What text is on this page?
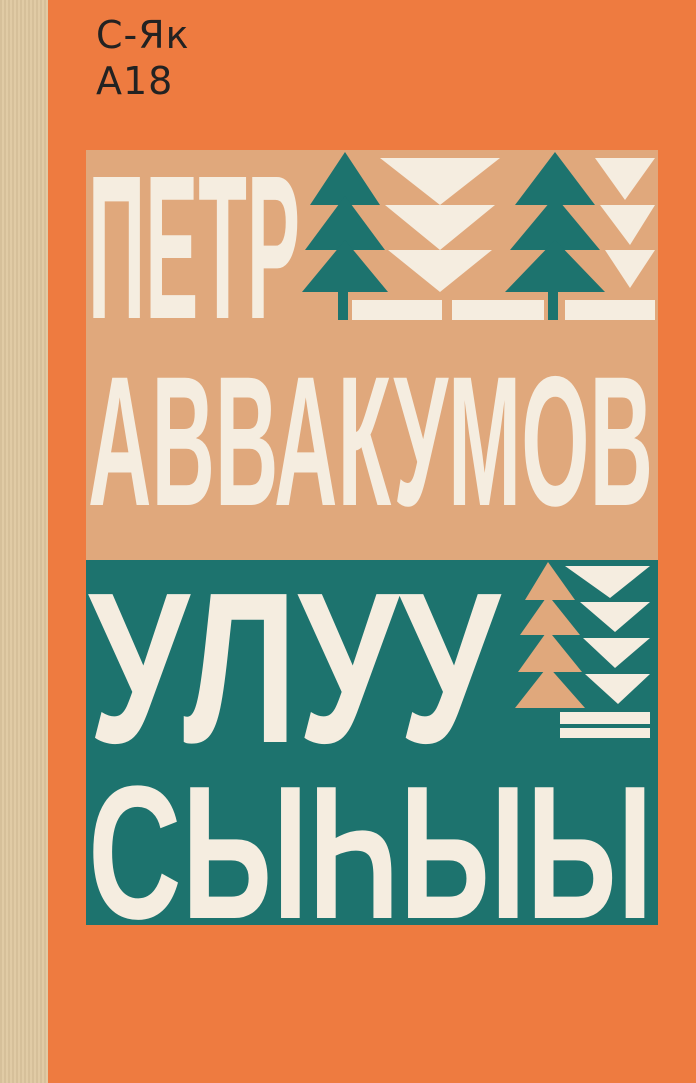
С-Як
А18
ПЕТР
АВВАКУМОВ
УЛУУ
СЫҺЫЫ
